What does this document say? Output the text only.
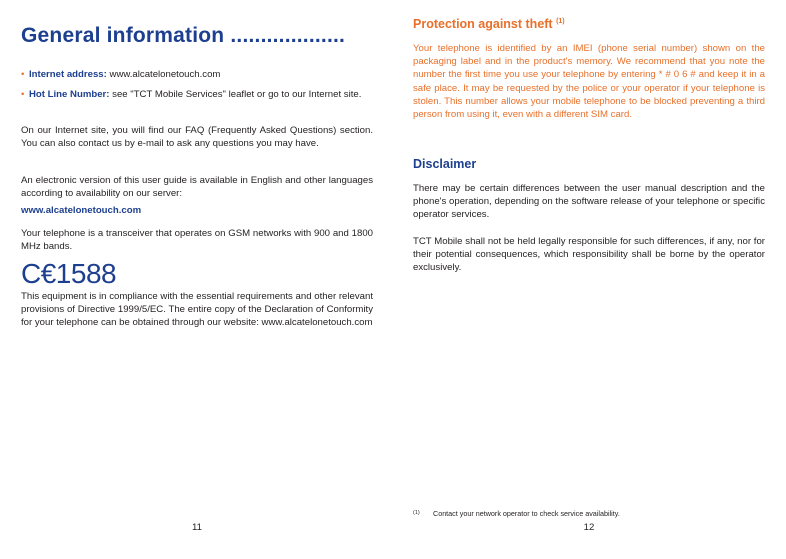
General information ...................
• Internet address: www.alcatelonetouch.com
• Hot Line Number: see "TCT Mobile Services" leaflet or go to our Internet site.

On our Internet site, you will find our FAQ (Frequently Asked Questions) section. You can also contact us by e-mail to ask any questions you may have.

An electronic version of this user guide is available in English and other languages according to availability on our server:

www.alcatelonetouch.com

Your telephone is a transceiver that operates on GSM networks with 900 and 1800 MHz bands.

C€1588

This equipment is in compliance with the essential requirements and other relevant provisions of Directive 1999/5/EC. The entire copy of the Declaration of Conformity for your telephone can be obtained through our website: www.alcatelonetouch.com

11
Protection against theft $^{(1)}$

Your telephone is identified by an IMEI (phone serial number) shown on the packaging label and in the product's memory. We recommend that you note the number the first time you use your telephone by entering * # 0 6 # and keep it in a safe place. It may be requested by the police or your operator if your telephone is stolen. This number allows your mobile telephone to be blocked preventing a third person from using it, even with a different SIM card.

Disclaimer

There may be certain differences between the user manual description and the phone's operation, depending on the software release of your telephone or specific operator services.

TCT Mobile shall not be held legally responsible for such differences, if any, nor for their potential consequences, which responsibility shall be borne by the operator exclusively.

(1) Contact your network operator to check service availability.
12
